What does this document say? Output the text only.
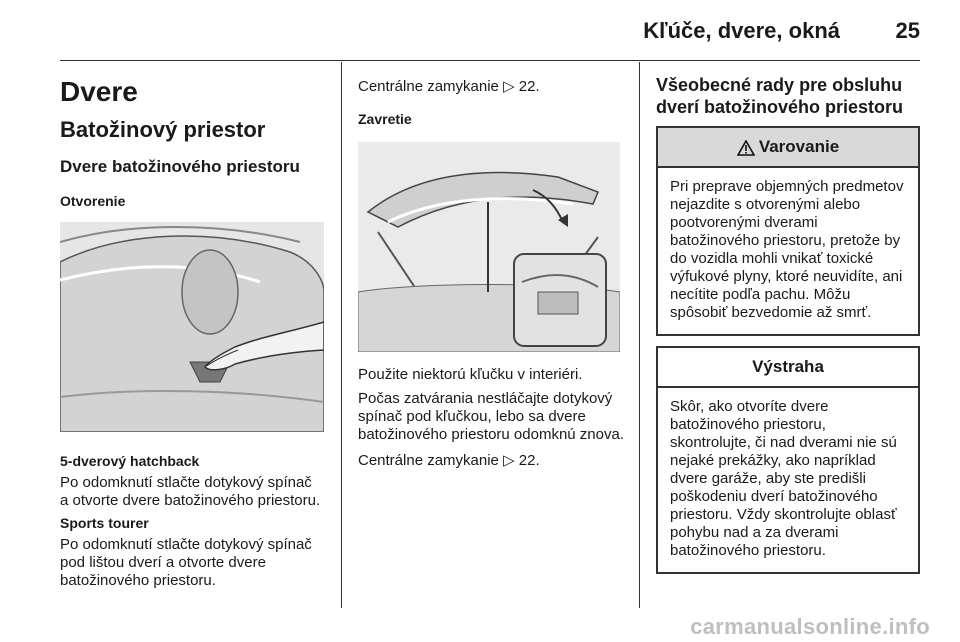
Kľúče, dvere, okná	25
Dvere
Batožinový priestor
Dvere batožinového priestoru
Otvorenie
5-dverový hatchback

Po odomknutí stlačte dotykový spínač a otvorte dvere batožinového priestoru.

Sports tourer

Po odomknutí stlačte dotykový spínač pod lištou dverí a otvorte dvere batožinového priestoru.

Centrálne zamykanie ▷ 22.

Zavretie

Použite niektorú kľučku v interiéri.

Počas zatvárania nestláčajte dotykový spínač pod kľučkou, lebo sa dvere batožinového priestoru odomknú znova.

Centrálne zamykanie ▷ 22.

Všeobecné rady pre obsluhu dverí batožinového priestoru
Varovanie
Pri preprave objemných predmetov nejazdite s otvorenými alebo pootvorenými dverami batožinového priestoru, pretože by do vozidla mohli vnikať toxické výfukové plyny, ktoré neuvidíte, ani necítite podľa pachu. Môžu spôsobiť bezvedomie až smrť.
Výstraha
Skôr, ako otvoríte dvere batožinového priestoru, skontrolujte, či nad dverami nie sú nejaké prekážky, ako napríklad dvere garáže, aby ste predišli poškodeniu dverí batožinového priestoru. Vždy skontrolujte oblasť pohybu nad a za dverami batožinového priestoru.
carmanualsonline.info
